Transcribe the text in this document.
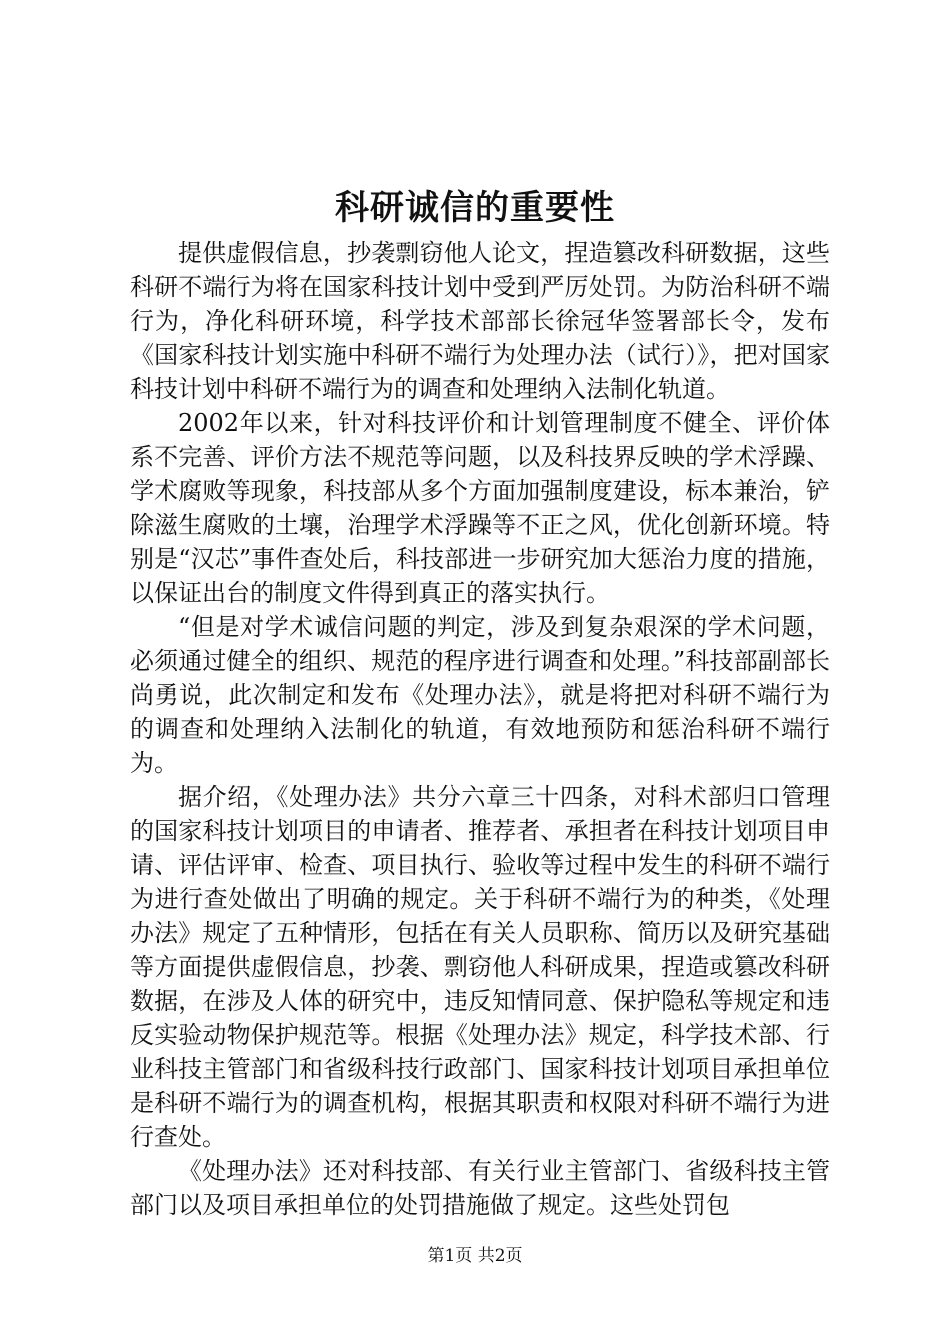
科研诚信的重要性

提供虚假信息，抄袭剽窃他人论文，捏造篡改科研数据，这些科研不端行为将在国家科技计划中受到严厉处罚。为防治科研不端行为，净化科研环境，科学技术部部长徐冠华签署部长令，发布《国家科技计划实施中科研不端行为处理办法（试行）》，把对国家科技计划中科研不端行为的调查和处理纳入法制化轨道。

2002年以来，针对科技评价和计划管理制度不健全、评价体系不完善、评价方法不规范等问题，以及科技界反映的学术浮躁、学术腐败等现象，科技部从多个方面加强制度建设，标本兼治，铲除滋生腐败的土壤，治理学术浮躁等不正之风，优化创新环境。特别是“汉芯”事件查处后，科技部进一步研究加大惩治力度的措施，以保证出台的制度文件得到真正的落实执行。

“但是对学术诚信问题的判定，涉及到复杂艰深的学术问题，必须通过健全的组织、规范的程序进行调查和处理。”科技部副部长尚勇说，此次制定和发布《处理办法》，就是将把对科研不端行为的调查和处理纳入法制化的轨道，有效地预防和惩治科研不端行为。

据介绍，《处理办法》共分六章三十四条，对科术部归口管理的国家科技计划项目的申请者、推荐者、承担者在科技计划项目申请、评估评审、检查、项目执行、验收等过程中发生的科研不端行为进行查处做出了明确的规定。关于科研不端行为的种类，《处理办法》规定了五种情形，包括在有关人员职称、简历以及研究基础等方面提供虚假信息，抄袭、剽窃他人科研成果，捏造或篡改科研数据，在涉及人体的研究中，违反知情同意、保护隐私等规定和违反实验动物保护规范等。根据《处理办法》规定，科学技术部、行业科技主管部门和省级科技行政部门、国家科技计划项目承担单位是科研不端行为的调查机构，根据其职责和权限对科研不端行为进行查处。

《处理办法》还对科技部、有关行业主管部门、省级科技主管部门以及项目承担单位的处罚措施做了规定。这些处罚包

第1页 共2页
